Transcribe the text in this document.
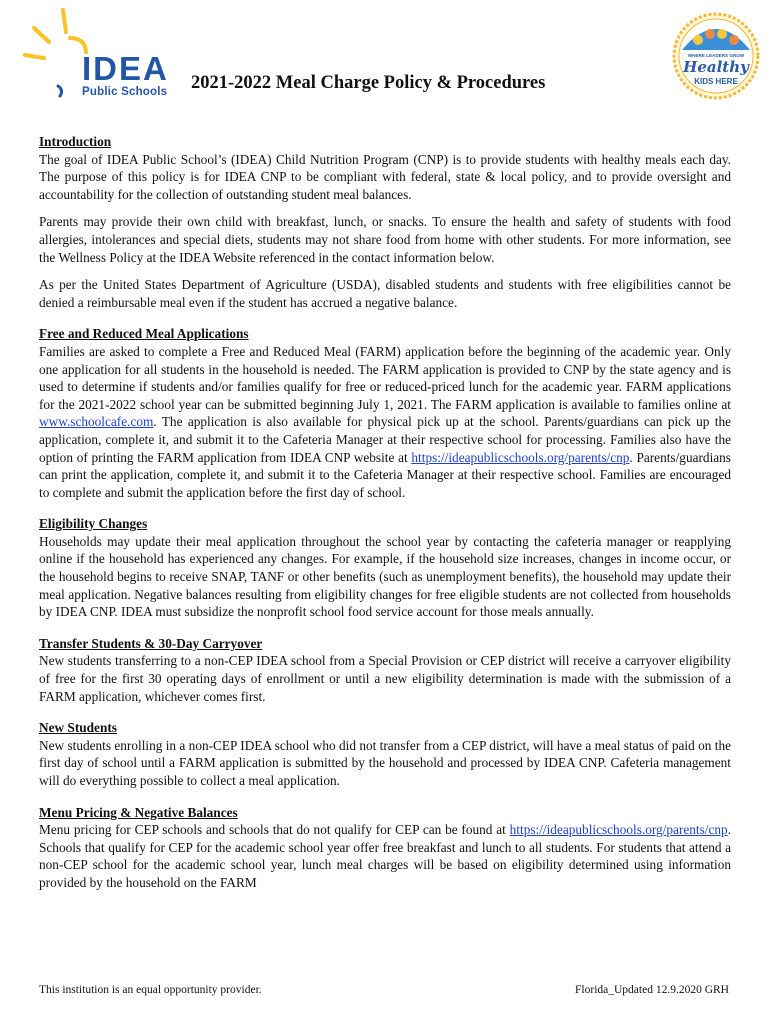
IDEA
Public Schools 2021-2022 Meal Charge Policy & Procedures
WHERE LEADERS GROW
Healthy
KIDS HERE
Introduction

The goal of IDEA Public School’s (IDEA) Child Nutrition Program (CNP) is to provide students with healthy meals each day. The purpose of this policy is for IDEA CNP to be compliant with federal, state & local policy, and to provide oversight and accountability for the collection of outstanding student meal balances.

Parents may provide their own child with breakfast, lunch, or snacks. To ensure the health and safety of students with food allergies, intolerances and special diets, students may not share food from home with other students. For more information, see the Wellness Policy at the IDEA Website referenced in the contact information below.

As per the United States Department of Agriculture (USDA), disabled students and students with free eligibilities cannot be denied a reimbursable meal even if the student has accrued a negative balance.

Free and Reduced Meal Applications

Families are asked to complete a Free and Reduced Meal (FARM) application before the beginning of the academic year. Only one application for all students in the household is needed. The FARM application is provided to CNP by the state agency and is used to determine if students and/or families qualify for free or reduced-priced lunch for the academic year. FARM applications for the 2021-2022 school year can be submitted beginning July 1, 2021. The FARM application is available to families online at www.schoolcafe.com. The application is also available for physical pick up at the school. Parents/guardians can pick up the application, complete it, and submit it to the Cafeteria Manager at their respective school for processing. Families also have the option of printing the FARM application from IDEA CNP website at https://ideapublicschools.org/parents/cnp. Parents/guardians can print the application, complete it, and submit it to the Cafeteria Manager at their respective school. Families are encouraged to complete and submit the application before the first day of school.

Eligibility Changes

Households may update their meal application throughout the school year by contacting the cafeteria manager or reapplying online if the household has experienced any changes. For example, if the household size increases, changes in income occur, or the household begins to receive SNAP, TANF or other benefits (such as unemployment benefits), the household may update their meal application. Negative balances resulting from eligibility changes for free eligible students are not collected from households by IDEA CNP. IDEA must subsidize the nonprofit school food service account for those meals annually.

Transfer Students & 30-Day Carryover

New students transferring to a non-CEP IDEA school from a Special Provision or CEP district will receive a carryover eligibility of free for the first 30 operating days of enrollment or until a new eligibility determination is made with the submission of a FARM application, whichever comes first.

New Students

New students enrolling in a non-CEP IDEA school who did not transfer from a CEP district, will have a meal status of paid on the first day of school until a FARM application is submitted by the household and processed by IDEA CNP. Cafeteria management will do everything possible to collect a meal application.

Menu Pricing & Negative Balances

Menu pricing for CEP schools and schools that do not qualify for CEP can be found at https://ideapublicschools.org/parents/cnp. Schools that qualify for CEP for the academic school year offer free breakfast and lunch to all students. For students that attend a non-CEP school for the academic school year, lunch meal charges will be based on eligibility determined using information provided by the household on the FARM

This institution is an equal opportunity provider.	Florida_Updated 12.9.2020 GRH
